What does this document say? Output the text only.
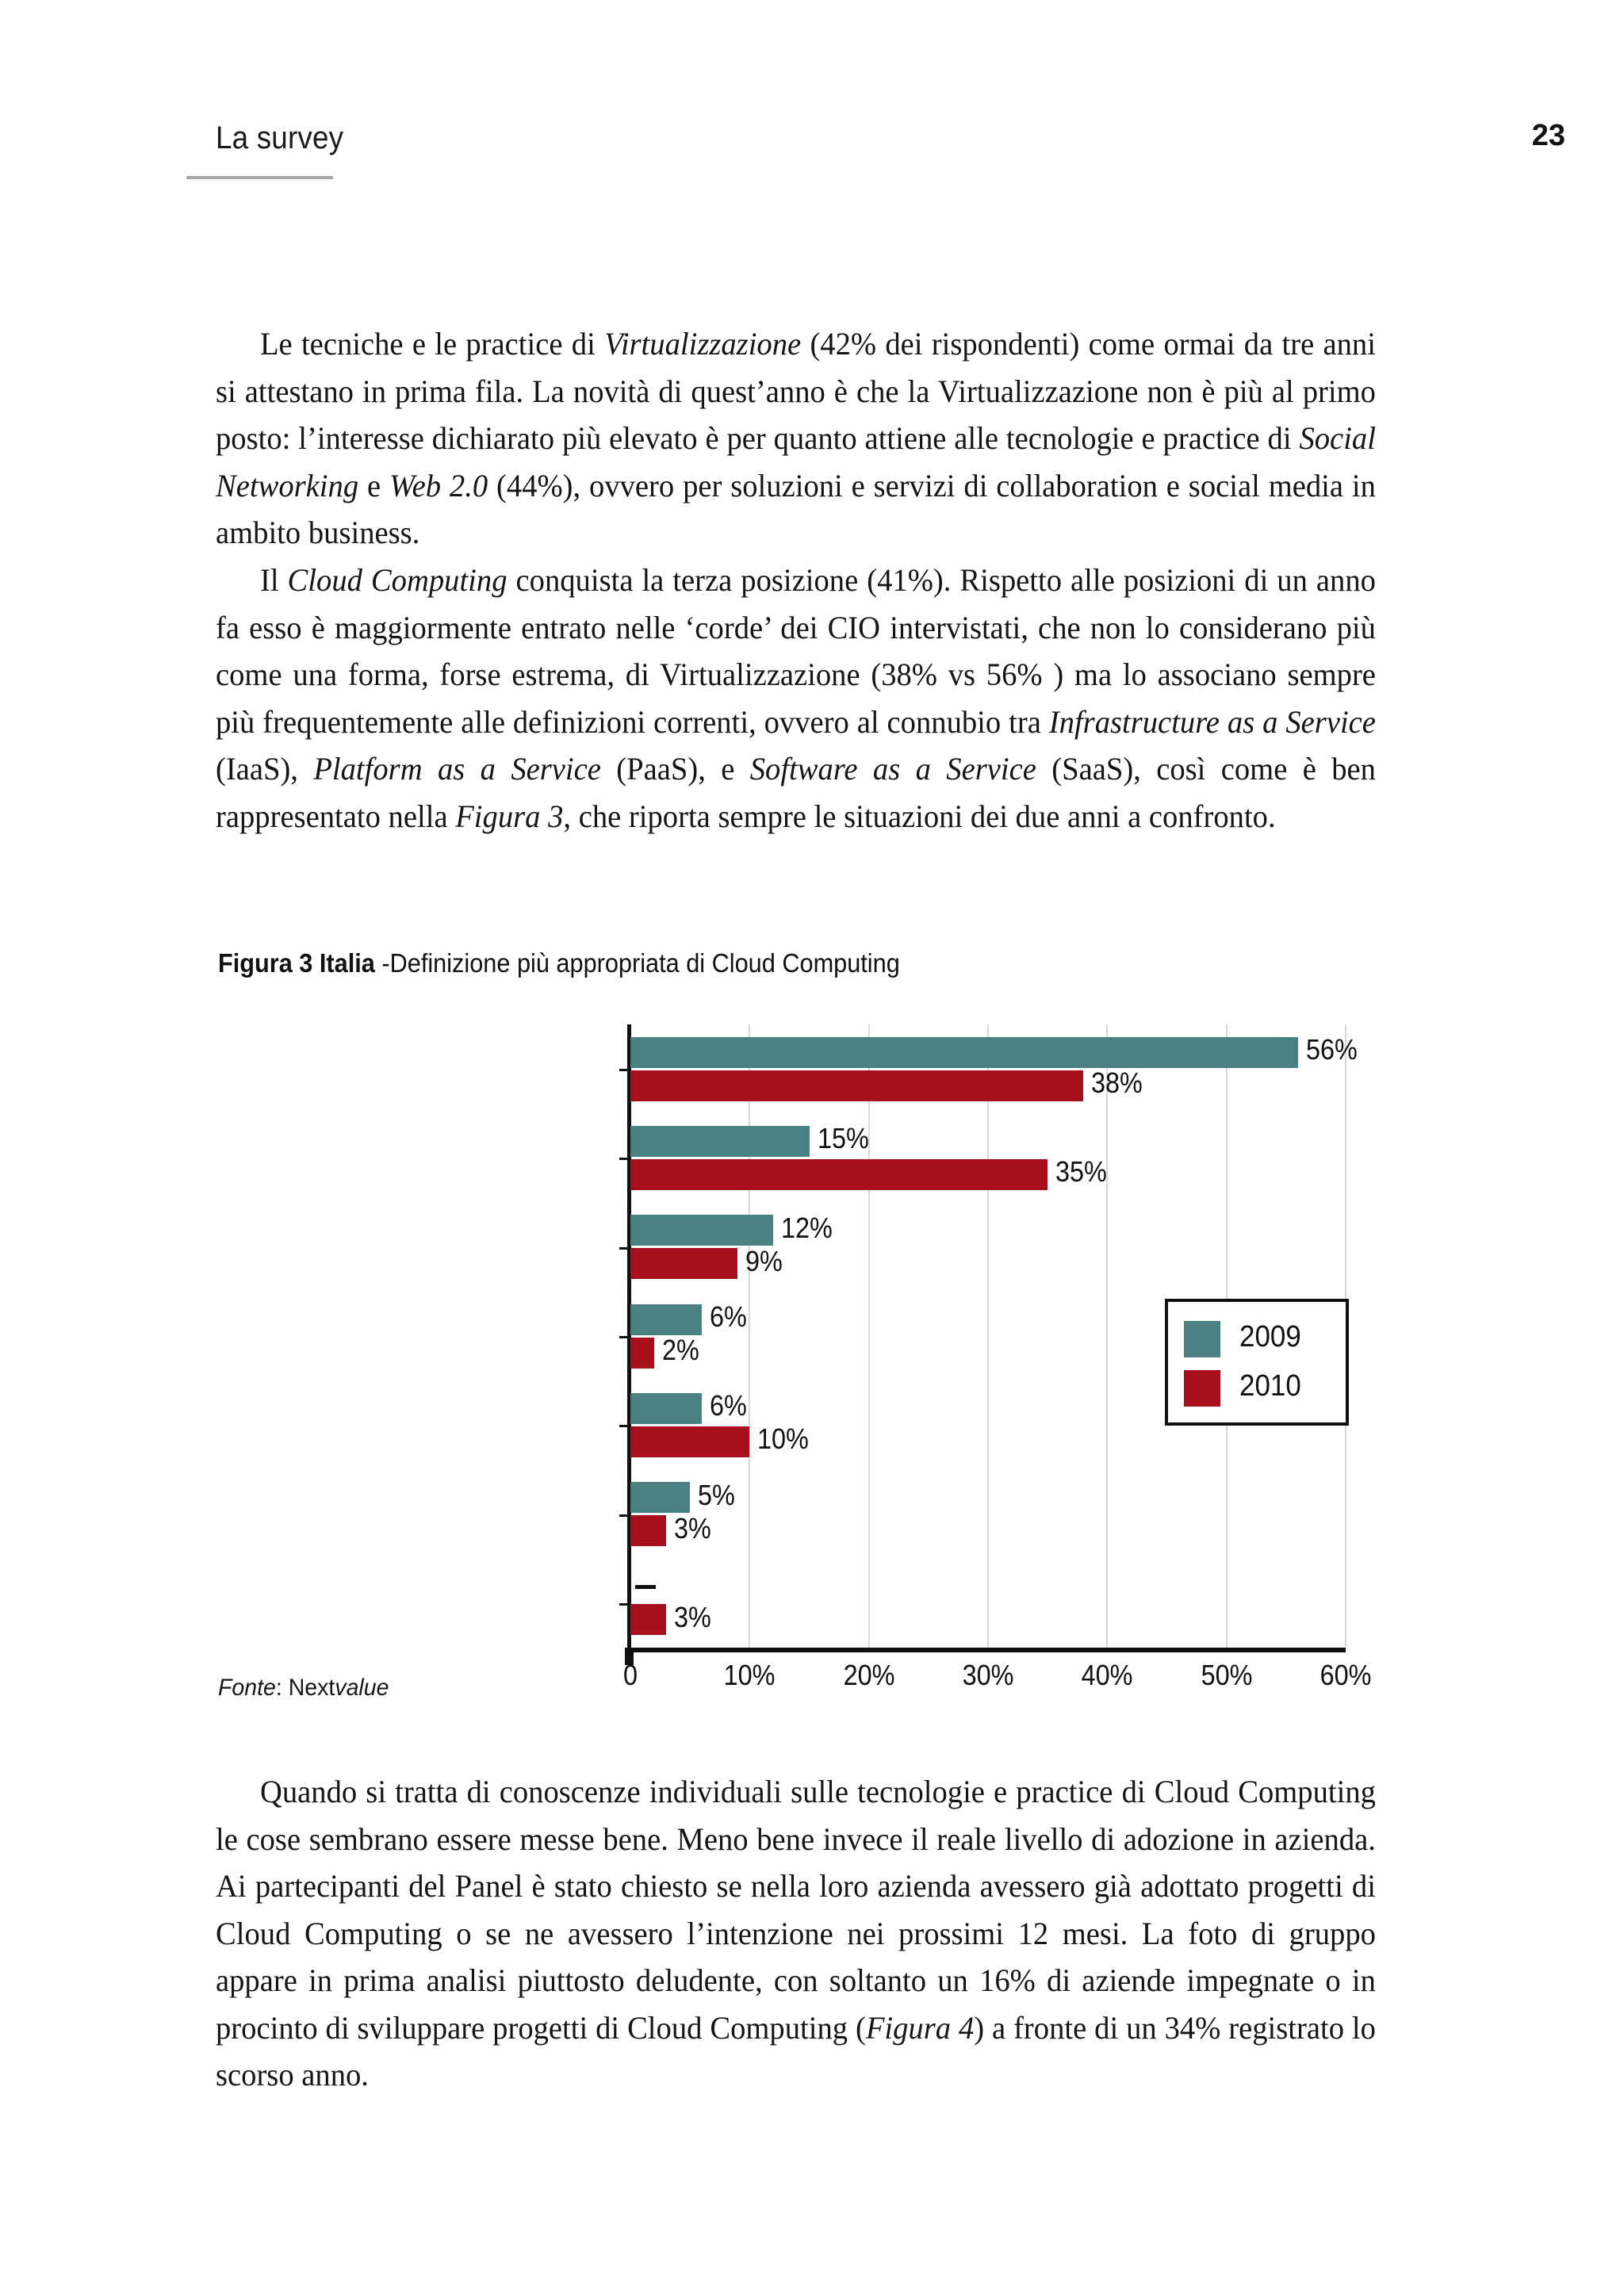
La survey	23

Le tecniche e le practice di Virtualizzazione (42% dei rispondenti) come ormai da tre anni si attestano in prima fila. La novità di quest’anno è che la Virtualizzazione non è più al primo posto: l’interesse dichiarato più elevato è per quanto attiene alle tecnologie e practice di Social Networking e Web 2.0 (44%), ovvero per soluzioni e servizi di collaboration e social media in ambito business.

Il Cloud Computing conquista la terza posizione (41%). Rispetto alle posizioni di un anno fa esso è maggiormente entrato nelle ‘corde’ dei CIO intervistati, che non lo considerano più come una forma, forse estrema, di Virtualizzazione (38% vs 56% ) ma lo associano sempre più frequentemente alle definizioni correnti, ovvero al connubio tra Infrastructure as a Service (IaaS), Platform as a Service (PaaS), e Software as a Service (SaaS), così come è ben rappresentato nella Figura 3, che riporta sempre le situazioni dei due anni a confronto.

Quando si tratta di conoscenze individuali sulle tecnologie e practice di Cloud Computing le cose sembrano essere messe bene. Meno bene invece il reale livello di adozione in azienda. Ai partecipanti del Panel è stato chiesto se nella loro azienda avessero già adottato progetti di Cloud Computing o se ne avessero l’intenzione nei prossimi 12 mesi. La foto di gruppo appare in prima analisi piuttosto deludente, con soltanto un 16% di aziende impegnate o in procinto di sviluppare progetti di Cloud Computing (Figura 4) a fronte di un 34% registrato lo scorso anno.

Figura 3 Italia -Definizione più appropriata di Cloud Computing
0	10% 20% 30% 40% 50% 60%
56%
38%
15%
35%
12%
9%
6%
2%
6%
10%
5%
3%
3%
2009
2010
Fonte: Nextvalue
